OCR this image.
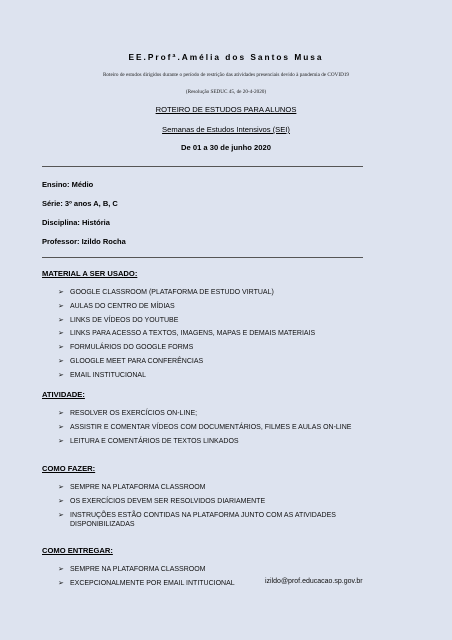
EE.Profª.Amélia dos Santos Musa
Roteiro de estudos dirigidos durante o período de restrição das atividades presenciais devido à pandemia de COVID19
(Resolução SEDUC 45, de 20-4-2020)
ROTEIRO DE ESTUDOS PARA ALUNOS
Semanas de Estudos Intensivos (SEI)
De 01 a 30 de junho 2020
Ensino: Médio
Série: 3º anos A, B, C
Disciplina: História
Professor: Izildo Rocha
MATERIAL A SER USADO:
➢ GOOGLE CLASSROOM (PLATAFORMA DE ESTUDO VIRTUAL)
➢ AULAS DO CENTRO DE MÍDIAS
➢ LINKS DE VÍDEOS DO YOUTUBE
➢ LINKS PARA ACESSO A TEXTOS, IMAGENS, MAPAS E DEMAIS MATERIAIS
➢ FORMULÁRIOS DO GOOGLE FORMS
➢ GLOOGLE MEET PARA CONFERÊNCIAS
➢ EMAIL INSTITUCIONAL
ATIVIDADE:
➢ RESOLVER OS EXERCÍCIOS ON-LINE;
➢ ASSISTIR E COMENTAR VÍDEOS COM DOCUMENTÁRIOS, FILMES E AULAS ON-LINE
➢ LEITURA E COMENTÁRIOS DE TEXTOS LINKADOS
COMO FAZER:
➢ SEMPRE NA PLATAFORMA CLASSROOM
➢ OS EXERCÍCIOS DEVEM SER RESOLVIDOS DIARIAMENTE
➢ INSTRUÇÕES ESTÃO CONTIDAS NA PLATAFORMA JUNTO COM AS ATIVIDADES DISPONIBILIZADAS
COMO ENTREGAR:
➢ SEMPRE NA PLATAFORMA CLASSROOM
➢ EXCEPCIONALMENTE POR EMAIL INTITUCIONAL	izildo@prof.educacao.sp.gov.br
